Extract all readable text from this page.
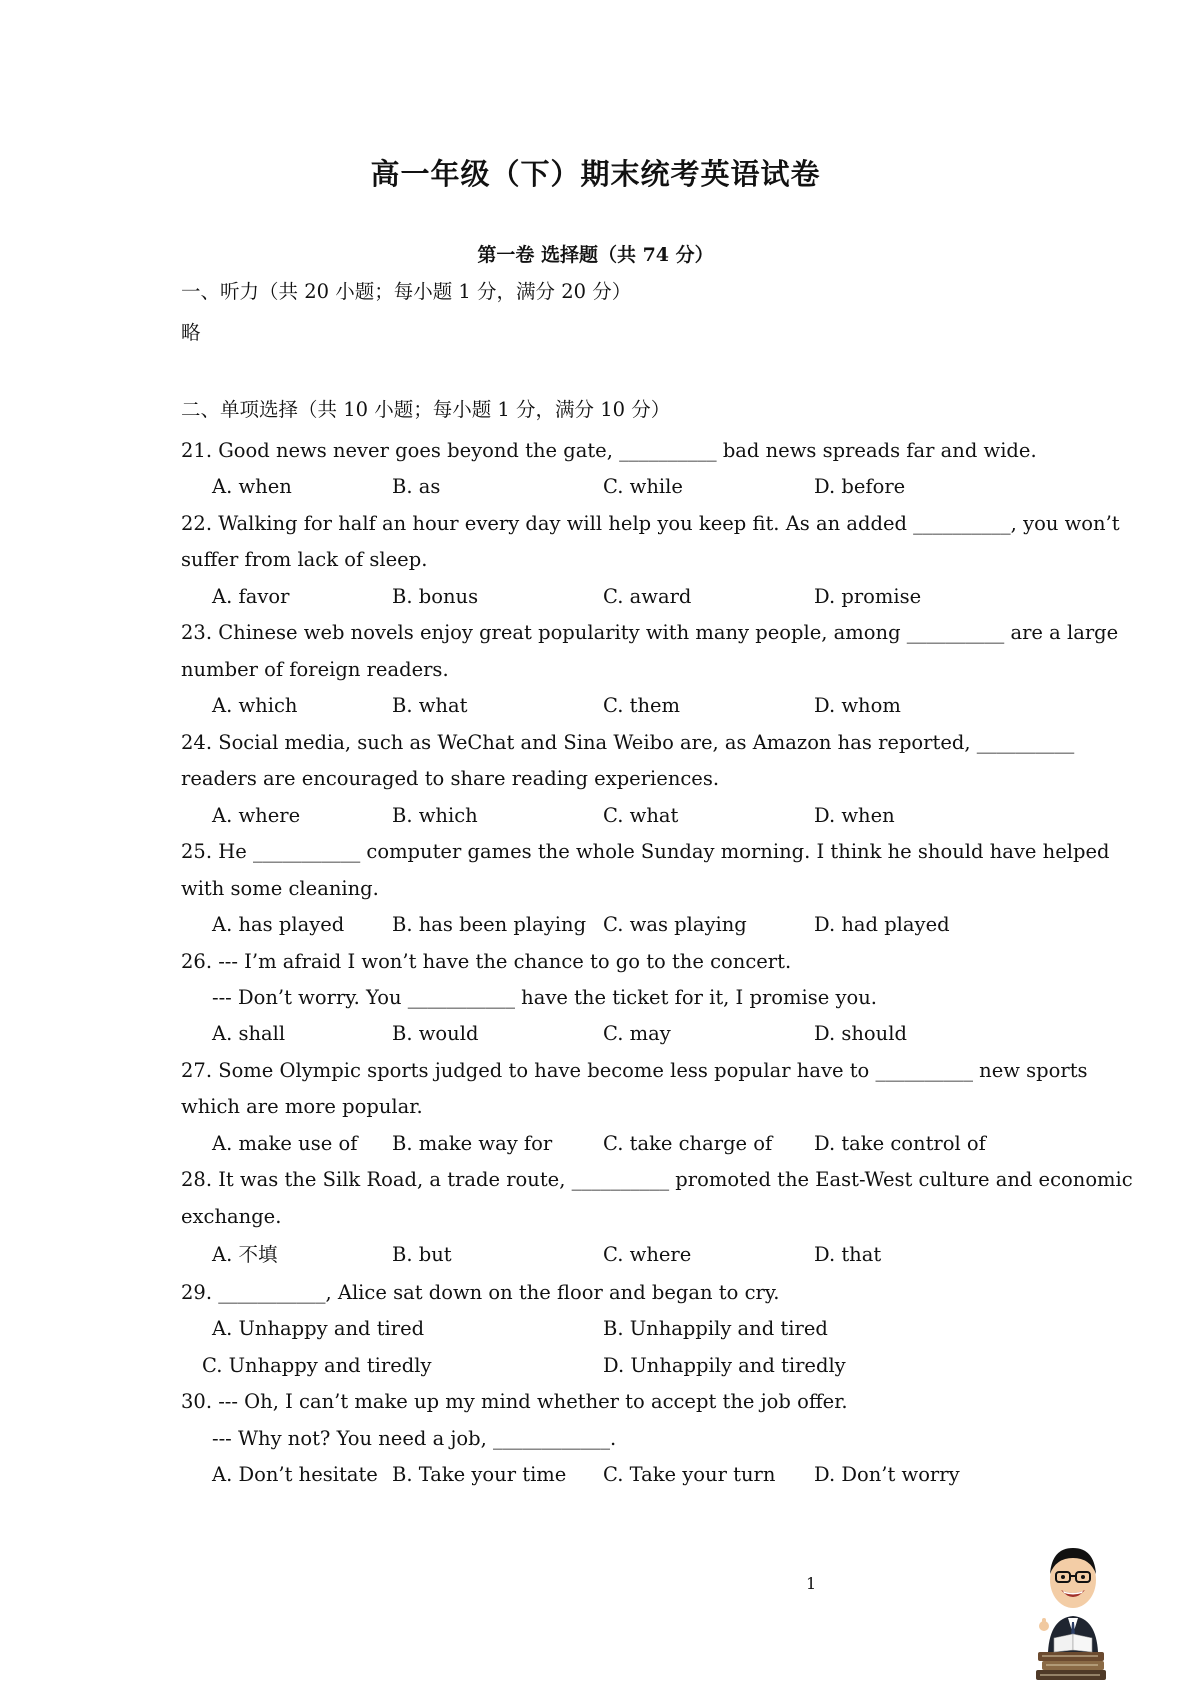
高一年级（下）期末统考英语试卷
第一卷 选择题（共 74 分）
一、听力（共 20 小题；每小题 1 分，满分 20 分）
略
二、单项选择（共 10 小题；每小题 1 分，满分 10 分）
21. Good news never goes beyond the gate, __________ bad news spreads far and wide.
A. when	B. as	C. while	D. before
22. Walking for half an hour every day will help you keep fit. As an added __________, you won’t
suffer from lack of sleep.
A. favor	B. bonus	C. award	D. promise
23. Chinese web novels enjoy great popularity with many people, among __________ are a large
number of foreign readers.
A. which	B. what	C. them	D. whom
24. Social media, such as WeChat and Sina Weibo are, as Amazon has reported, __________
readers are encouraged to share reading experiences.
A. where	B. which	C. what	D. when
25. He ___________ computer games the whole Sunday morning. I think he should have helped
with some cleaning.
A. has played B. has been playing C. was playing	D. had played
26. --- I’m afraid I won’t have the chance to go to the concert.
--- Don’t worry. You ___________ have the ticket for it, I promise you.
A. shall	B. would	C. may	D. should
27. Some Olympic sports judged to have become less popular have to __________ new sports
which are more popular.
A. make use of B. make way for	C. take charge of D. take control of
28. It was the Silk Road, a trade route, __________ promoted the East-West culture and economic
exchange.
A. 不填	B. but	C. where	D. that
29. ___________, Alice sat down on the floor and began to cry.
A. Unhappy and tired	B. Unhappily and tired
C. Unhappy and tiredly	D. Unhappily and tiredly
30. --- Oh, I can’t make up my mind whether to accept the job offer.
--- Why not? You need a job, ____________.
A. Don’t hesitate B. Take your time C. Take your turn D. Don’t worry
1
